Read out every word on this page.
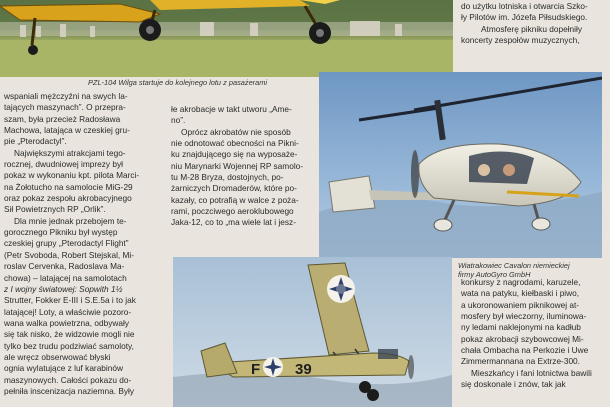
do użytku lotniska i otwarcia Szko-
ły Pilotów im. Józefa Piłsudskiego.
Atmosferę pikniku dopełniły
koncerty zespołów muzycznych,
PZL-104 Wilga startuje do kolejnego lotu z pasażerami
wspaniali mężczyźni na swych la-
tających maszynach”. O przepra-
szam, była przecież Radosława
Machowa, latająca w czeskiej gru-
pie „Pterodactyl”.
Największymi atrakcjami tego-
rocznej, dwudniowej imprezy był
pokaz w wykonaniu kpt. pilota Marci-
na Żołotucho na samolocie MiG-29
oraz pokaz zespołu akrobacyjnego
Sił Powietrznych RP „Orlik”.
Dla mnie jednak przebojem te-
gorocznego Pikniku był występ
czeskiej grupy „Pterodactyl Flight”
(Petr Svoboda, Robert Stejskal, Mi-
roslav Cervenka, Radoslava Ma-
chowa) – latającej na samolotach
z I wojny światowej: Sopwith 1½
Strutter, Fokker E-III i S.E.5a i to jak
latającej! Loty, a właściwie pozoro-
wana walka powietrzna, odbywały
się tak nisko, że widzowie mogli nie
tylko bez trudu podziwiać samoloty,
ale wręcz obserwować błyski
ognia wylatujące z luf karabinów
maszynowych. Całości pokazu do-
pełniła inscenizacja naziemna. Były
łe akrobacje w takt utworu „Ame-
no”.
Oprócz akrobatów nie sposób
nie odnotować obecności na Pikni-
ku znajdującego się na wyposaże-
niu Marynarki Wojennej RP samolo-
tu M-28 Bryza, dostojnych, po-
żarniczych Dromaderów, które po-
kazały, co potrafią w walce z poża-
rami, poczciwego aeroklubowego
Jaka-12, co to „ma wiele lat i jesz-
Wiatrakowiec Cavalon niemieckiej firmy AutoGyro GmbH
F 39
konkursy z nagrodami, karuzele,
wata na patyku, kiełbaski i piwo,
a ukoronowaniem piknikowej at-
mosfery był wieczorny, iluminowa-
ny ledami naklejonymi na kadłub
pokaz akrobacji szybowcowej Mi-
chała Ombacha na Perkozie i Uwe
Zimmermannana na Extrze-300.
Mieszkańcy i fani lotnictwa bawili
się doskonale i znów, tak jak
